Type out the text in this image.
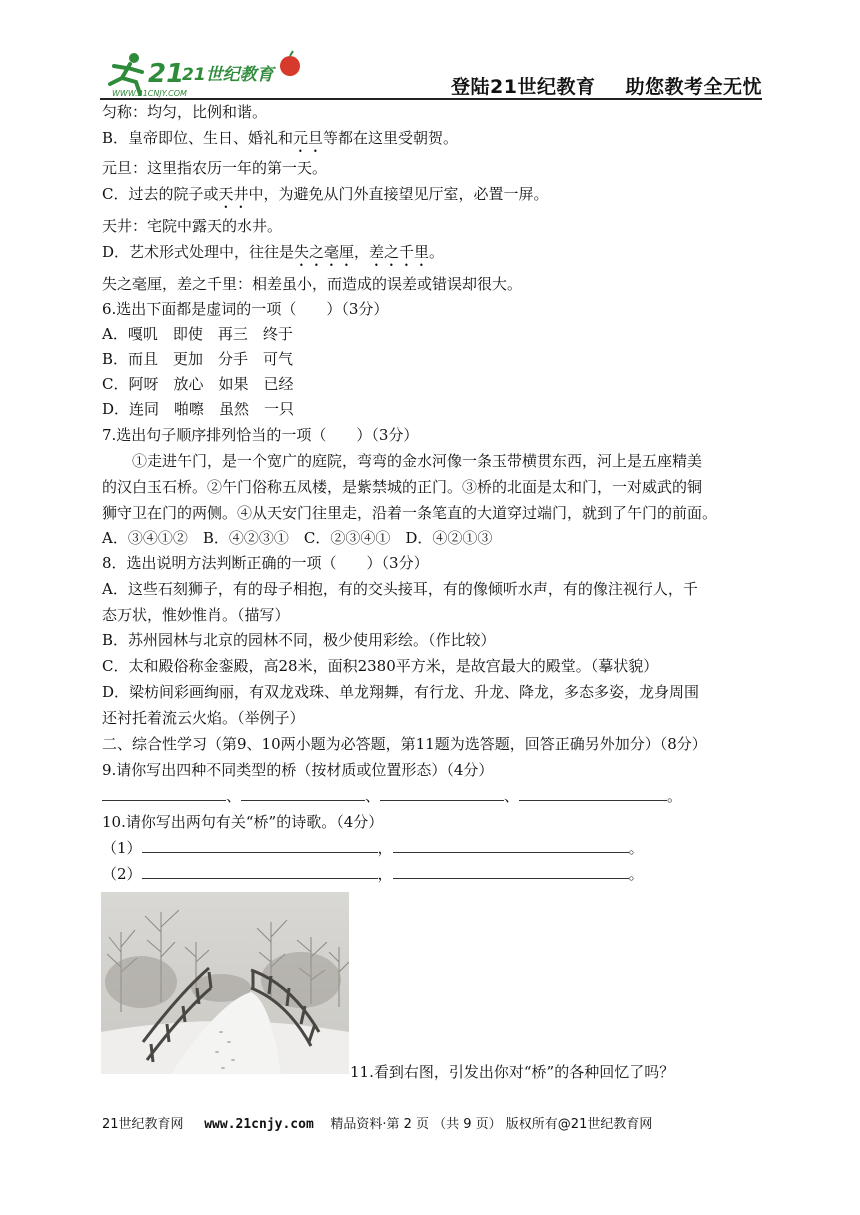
21
21世纪教育
WWW.21CNJY.COM	登陆21世纪教育 助您教考全无忧
匀称：均匀，比例和谐。
B．皇帝即位、生日、婚礼和元旦等都在这里受朝贺。
元旦：这里指农历一年的第一天。
C．过去的院子或天井中，为避免从门外直接望见厅室，必置一屏。
天井：宅院中露天的水井。
D．艺术形式处理中，往往是失之毫厘，差之千里。
失之毫厘，差之千里：相差虽小，而造成的误差或错误却很大。
6.选出下面都是虚词的一项（　　）（3分）
A．嘎叽　即使　再三　终于
B．而且　更加　分手　可气
C．阿呀　放心　如果　已经
D．连同　啪嚓　虽然　一只
7.选出句子顺序排列恰当的一项（　　）（3分）
　　①走进午门，是一个宽广的庭院，弯弯的金水河像一条玉带横贯东西，河上是五座精美
的汉白玉石桥。②午门俗称五凤楼，是紫禁城的正门。③桥的北面是太和门，一对威武的铜
狮守卫在门的两侧。④从天安门往里走，沿着一条笔直的大道穿过端门，就到了午门的前面。
A．③④①②　B．④②③①　C．②③④①　D．④②①③
8．选出说明方法判断正确的一项（　　）（3分）
A．这些石刻狮子，有的母子相抱，有的交头接耳，有的像倾听水声，有的像注视行人，千
态万状，惟妙惟肖。（描写）
B．苏州园林与北京的园林不同，极少使用彩绘。（作比较）
C．太和殿俗称金銮殿，高28米，面积2380平方米，是故宫最大的殿堂。（摹状貌）
D．梁枋间彩画绚丽，有双龙戏珠、单龙翔舞，有行龙、升龙、降龙，多态多姿，龙身周围
还衬托着流云火焰。（举例子）
二、综合性学习（第9、10两小题为必答题，第11题为选答题，回答正确另外加分）（8分）
9.请你写出四种不同类型的桥（按材质或位置形态）（4分）
、	、	、	。
10.请你写出两句有关“桥”的诗歌。（4分）
（1）	，	。
（2）	，	。
11.看到右图，引发出你对“桥”的各种回忆了吗？
21世纪教育网 www.21cnjy.com 精品资料·第 2 页 （共 9 页） 版权所有@21世纪教育网
